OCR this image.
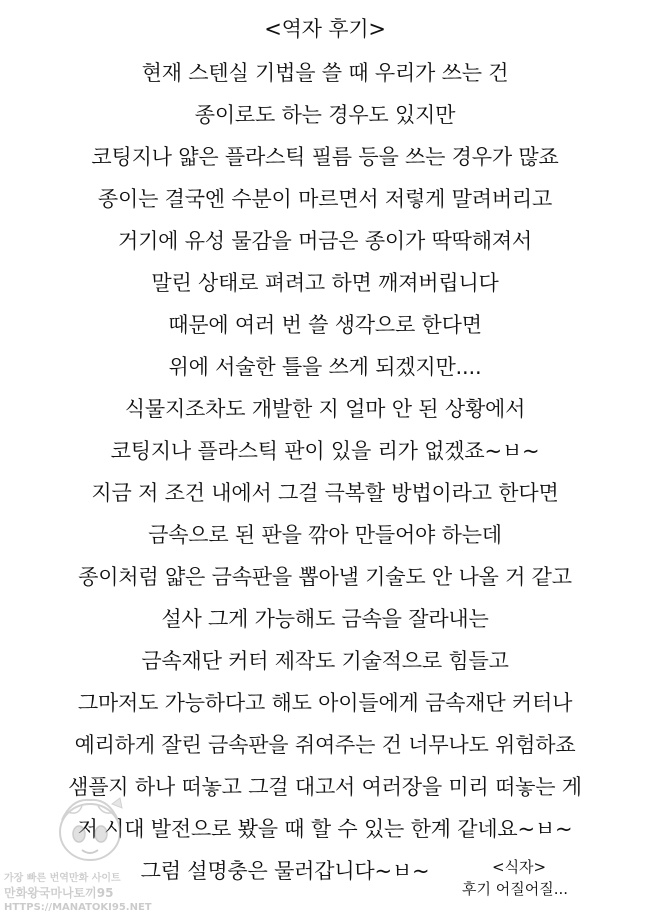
<역자 후기>
현재 스텐실 기법을 쓸 때 우리가 쓰는 건
종이로도 하는 경우도 있지만
코팅지나 얇은 플라스틱 필름 등을 쓰는 경우가 많죠
종이는 결국엔 수분이 마르면서 저렇게 말려버리고
거기에 유성 물감을 머금은 종이가 딱딱해져서
말린 상태로 펴려고 하면 깨져버립니다
때문에 여러 번 쓸 생각으로 한다면
위에 서술한 틀을 쓰게 되겠지만....
식물지조차도 개발한 지 얼마 안 된 상황에서
코팅지나 플라스틱 판이 있을 리가 없겠죠~ㅂ~
지금 저 조건 내에서 그걸 극복할 방법이라고 한다면
금속으로 된 판을 깎아 만들어야 하는데
종이처럼 얇은 금속판을 뽑아낼 기술도 안 나올 거 같고
설사 그게 가능해도 금속을 잘라내는
금속재단 커터 제작도 기술적으로 힘들고
그마저도 가능하다고 해도 아이들에게 금속재단 커터나
예리하게 잘린 금속판을 쥐여주는 건 너무나도 위험하죠
샘플지 하나 떠놓고 그걸 대고서 여러장을 미리 떠놓는 게
저 시대 발전으로 봤을 때 할 수 있는 한계 같네요~ㅂ~
그럼 설명충은 물러갑니다~ㅂ~	<식자>
후기 어질어질...
가장 빠른 번역만화 사이트
만화왕국마나토끼95
HTTPS://MANATOKI95.NET
